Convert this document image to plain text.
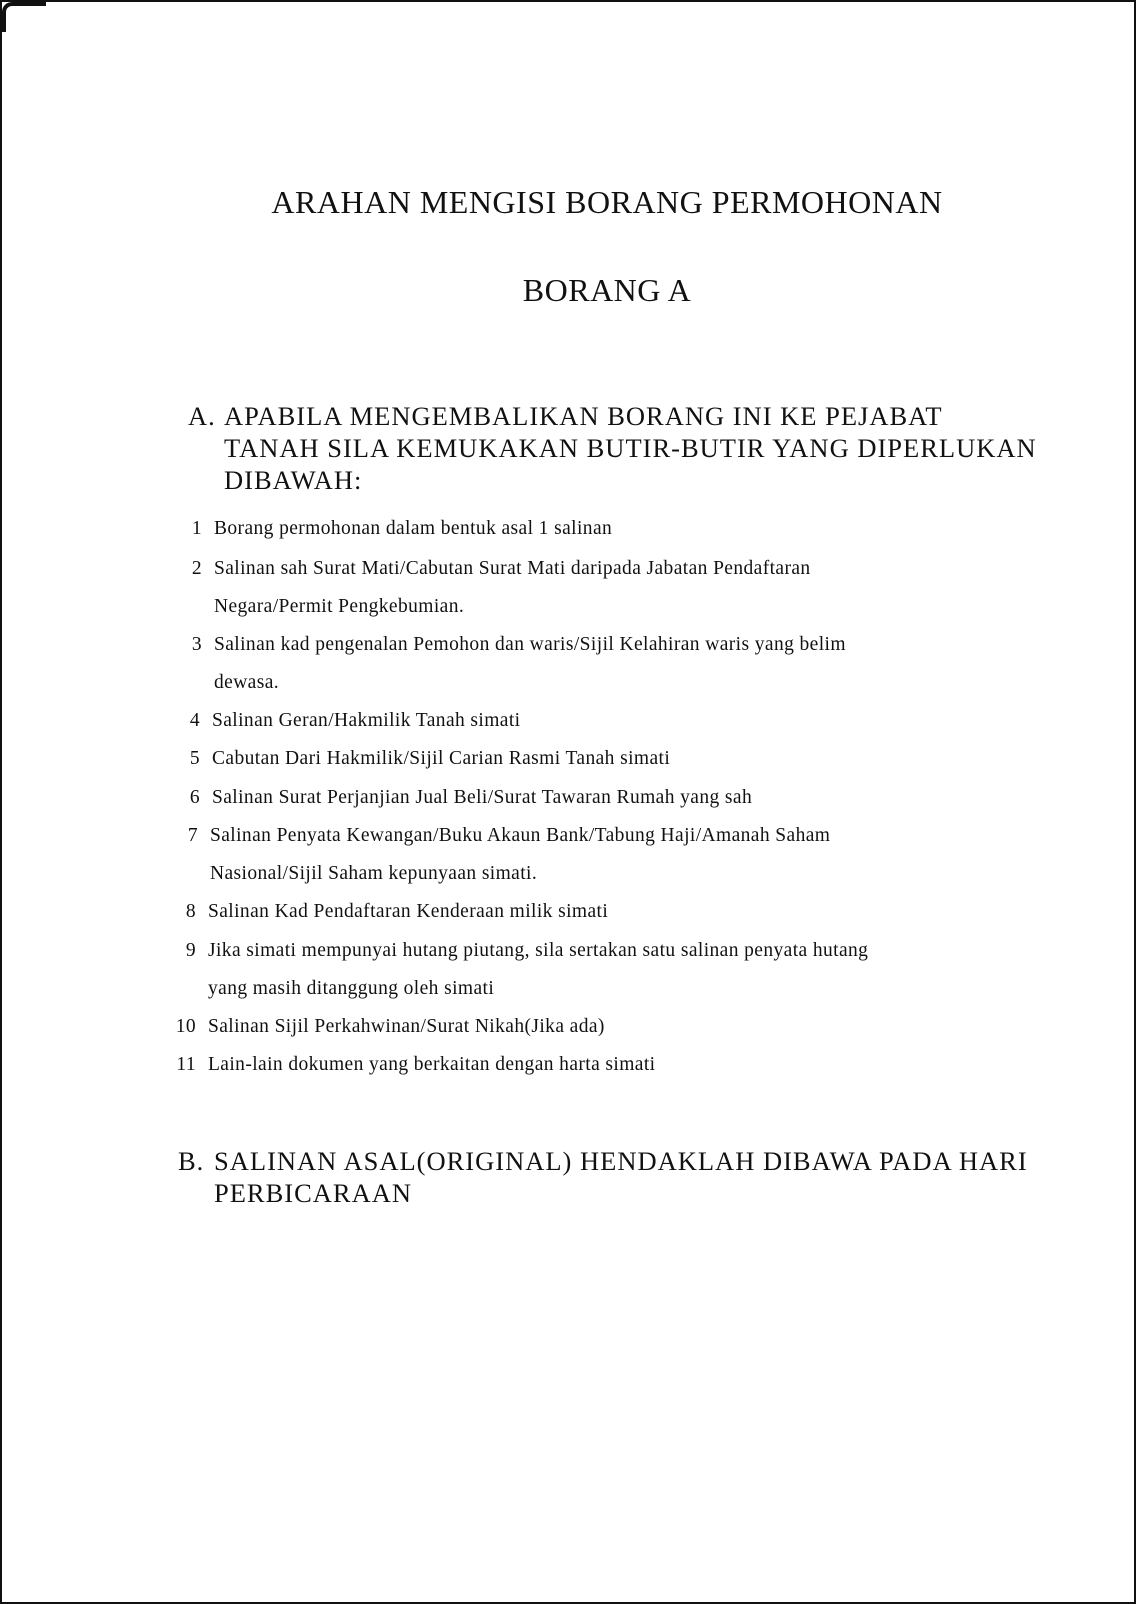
ARAHAN MENGISI BORANG PERMOHONAN
BORANG A
A. APABILA MENGEMBALIKAN BORANG INI KE PEJABAT
TANAH SILA KEMUKAKAN BUTIR-BUTIR YANG DIPERLUKAN
DIBAWAH:
1 Borang permohonan dalam bentuk asal 1 salinan
2 Salinan sah Surat Mati/Cabutan Surat Mati daripada Jabatan Pendaftaran
Negara/Permit Pengkebumian.
3 Salinan kad pengenalan Pemohon dan waris/Sijil Kelahiran waris yang belim
dewasa.
4 Salinan Geran/Hakmilik Tanah simati
5 Cabutan Dari Hakmilik/Sijil Carian Rasmi Tanah simati
6 Salinan Surat Perjanjian Jual Beli/Surat Tawaran Rumah yang sah
7 Salinan Penyata Kewangan/Buku Akaun Bank/Tabung Haji/Amanah Saham
Nasional/Sijil Saham kepunyaan simati.
8 Salinan Kad Pendaftaran Kenderaan milik simati
9 Jika simati mempunyai hutang piutang, sila sertakan satu salinan penyata hutang
yang masih ditanggung oleh simati
10 Salinan Sijil Perkahwinan/Surat Nikah(Jika ada)
11 Lain-lain dokumen yang berkaitan dengan harta simati
B. SALINAN ASAL(ORIGINAL) HENDAKLAH DIBAWA PADA HARI
PERBICARAAN
